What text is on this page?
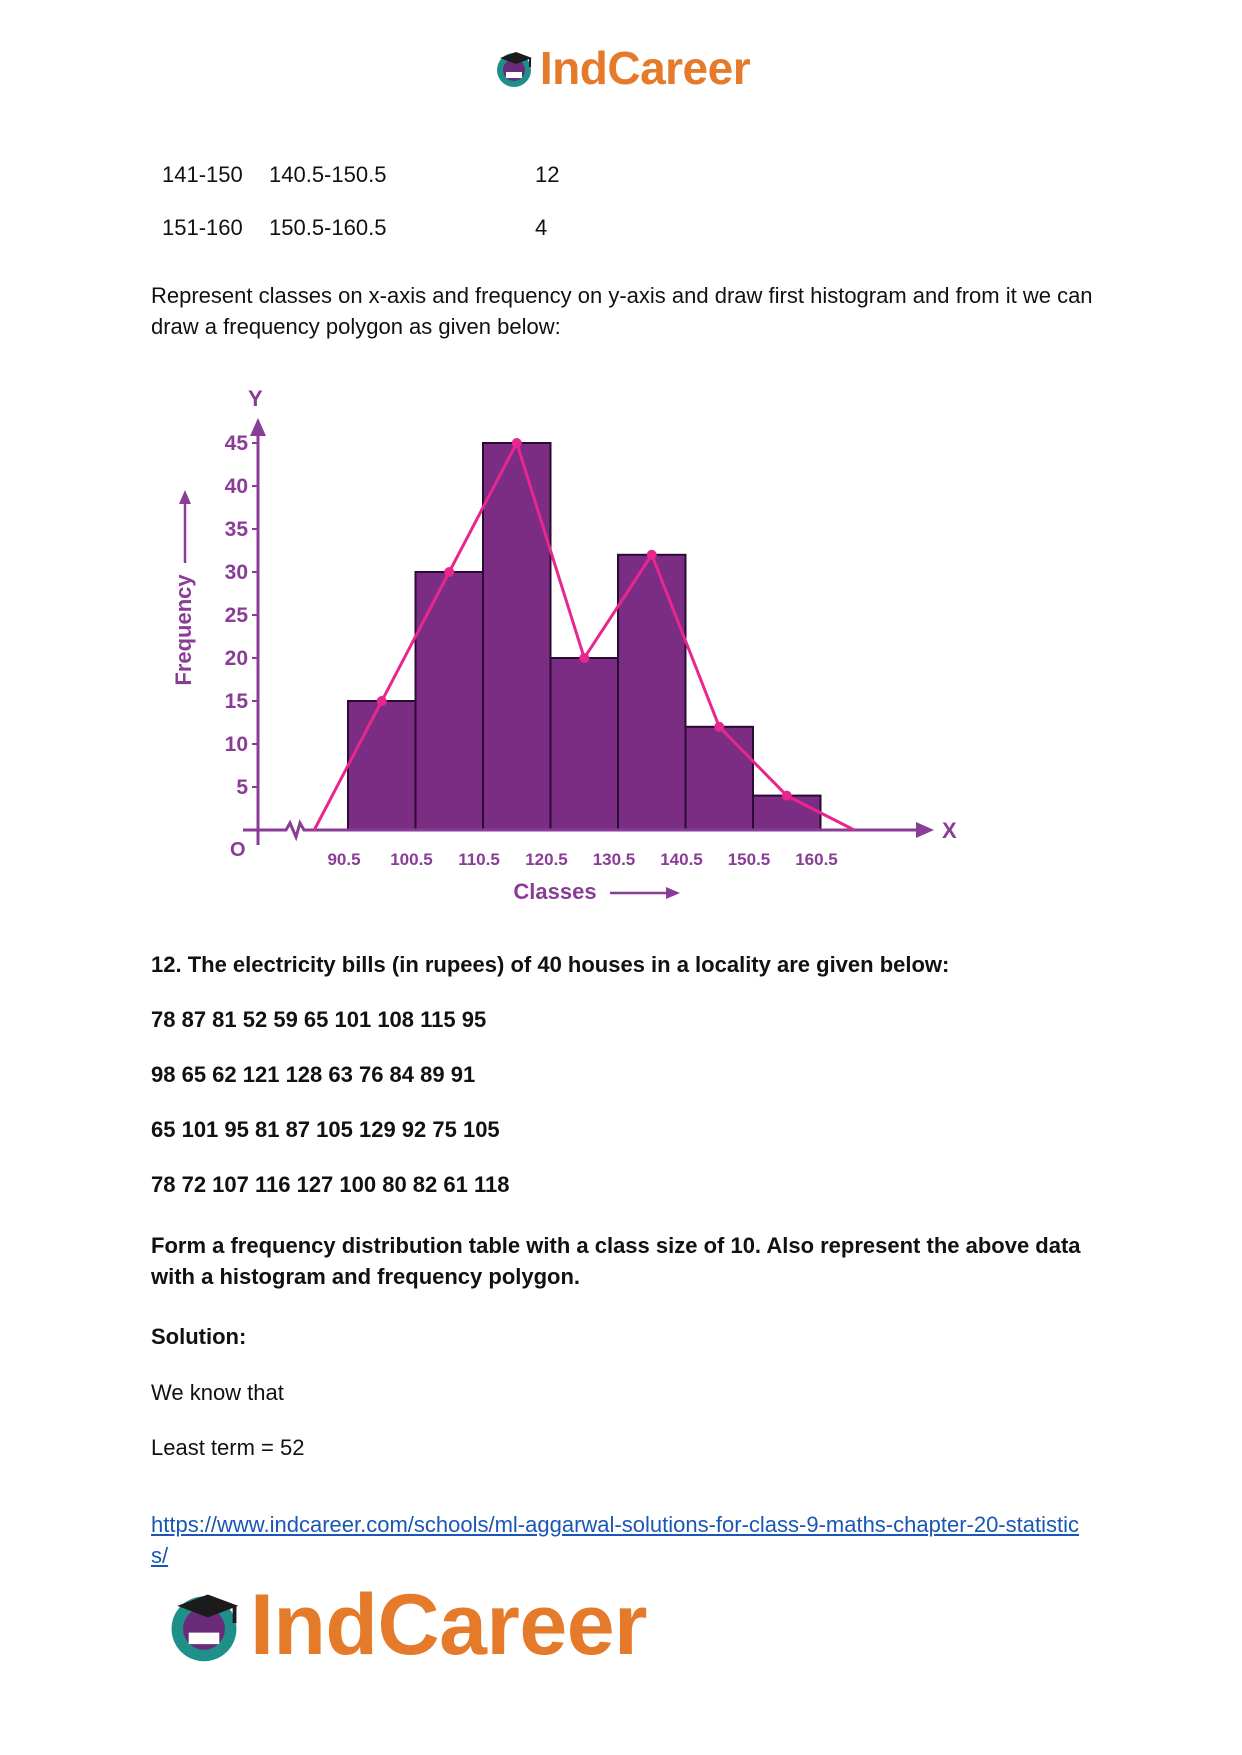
IndCareer
141-150 140.5-150.5	12
151-160 150.5-160.5	4
Represent classes on x-axis and frequency on y-axis and draw first histogram and from it we can draw a frequency polygon as given below:
Y
X
O
5
10
15
20
25
30
35
40
45
90.5 100.5 110.5 120.5 130.5 140.5 150.5 160.5
Classes
Frequency
12. The electricity bills (in rupees) of 40 houses in a locality are given below:
78 87 81 52 59 65 101 108 115 95
98 65 62 121 128 63 76 84 89 91
65 101 95 81 87 105 129 92 75 105
78 72 107 116 127 100 80 82 61 118
Form a frequency distribution table with a class size of 10. Also represent the above data with a histogram and frequency polygon.
Solution:
We know that
Least term = 52
https://www.indcareer.com/schools/ml-aggarwal-solutions-for-class-9-maths-chapter-20-statistics/
IndCareer
